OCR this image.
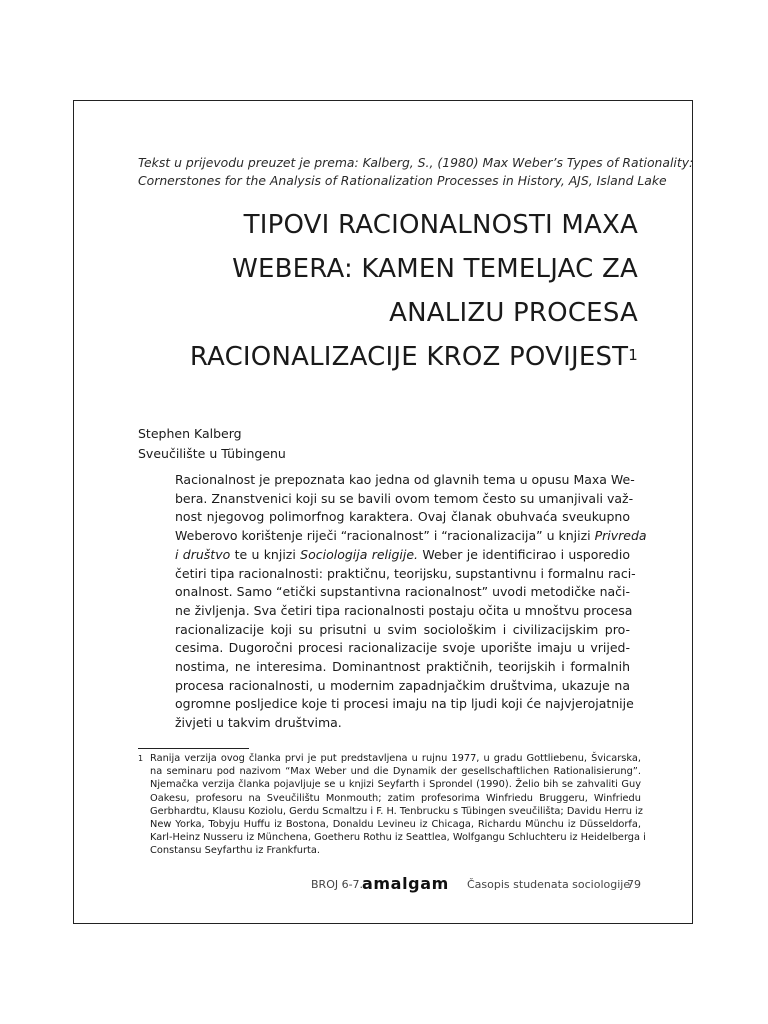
Tekst u prijevodu preuzet je prema: Kalberg, S., (1980) Max Weber’s Types of Rationality:
Cornerstones for the Analysis of Rationalization Processes in History, AJS, Island Lake
TIPOVI RACIONALNOSTI MAXA
WEBERA: KAMEN TEMELJAC ZA
ANALIZU PROCESA
RACIONALIZACIJE KROZ POVIJEST$^1$
Stephen Kalberg
Sveučilište u Tübingenu
Racionalnost je prepoznata kao jedna od glavnih tema u opusu Maxa We-
bera. Znanstvenici koji su se bavili ovom temom često su umanjivali važ-
nost njegovog polimorfnog karaktera. Ovaj članak obuhvaća sveukupno
Weberovo korištenje riječi “racionalnost” i “racionalizacija” u knjizi Privreda
i društvo te u knjizi Sociologija religije. Weber je identificirao i usporedio
četiri tipa racionalnosti: praktičnu, teorijsku, supstantivnu i formalnu raci-
onalnost. Samo “etički supstantivna racionalnost” uvodi metodičke nači-
ne življenja. Sva četiri tipa racionalnosti postaju očita u mnoštvu procesa
racionalizacije koji su prisutni u svim sociološkim i civilizacijskim pro-
cesima. Dugoročni procesi racionalizacije svoje uporište imaju u vrijed-
nostima, ne interesima. Dominantnost praktičnih, teorijskih i formalnih
procesa racionalnosti, u modernim zapadnjačkim društvima, ukazuje na
ogromne posljedice koje ti procesi imaju na tip ljudi koji će najvjerojatnije
živjeti u takvim društvima.
1 Ranija verzija ovog članka prvi je put predstavljena u rujnu 1977, u gradu Gottliebenu, Švicarska,
na seminaru pod nazivom “Max Weber und die Dynamik der gesellschaftlichen Rationalisierung”.
Njemačka verzija članka pojavljuje se u knjizi Seyfarth i Sprondel (1990). Želio bih se zahvaliti Guy
Oakesu, profesoru na Sveučilištu Monmouth; zatim profesorima Winfriedu Bruggeru, Winfriedu
Gerbhardtu, Klausu Koziolu, Gerdu Scmaltzu i F. H. Tenbrucku s Tübingen sveučilišta; Davidu Herru iz
New Yorka, Tobyju Huffu iz Bostona, Donaldu Levineu iz Chicaga, Richardu Münchu iz Düsseldorfa,
Karl-Heinz Nusseru iz Münchena, Goetheru Rothu iz Seattlea, Wolfgangu Schluchteru iz Heidelberga i
Constansu Seyfarthu iz Frankfurta.
BROJ 6-7.
amalgam Časopis studenata sociologije
79
